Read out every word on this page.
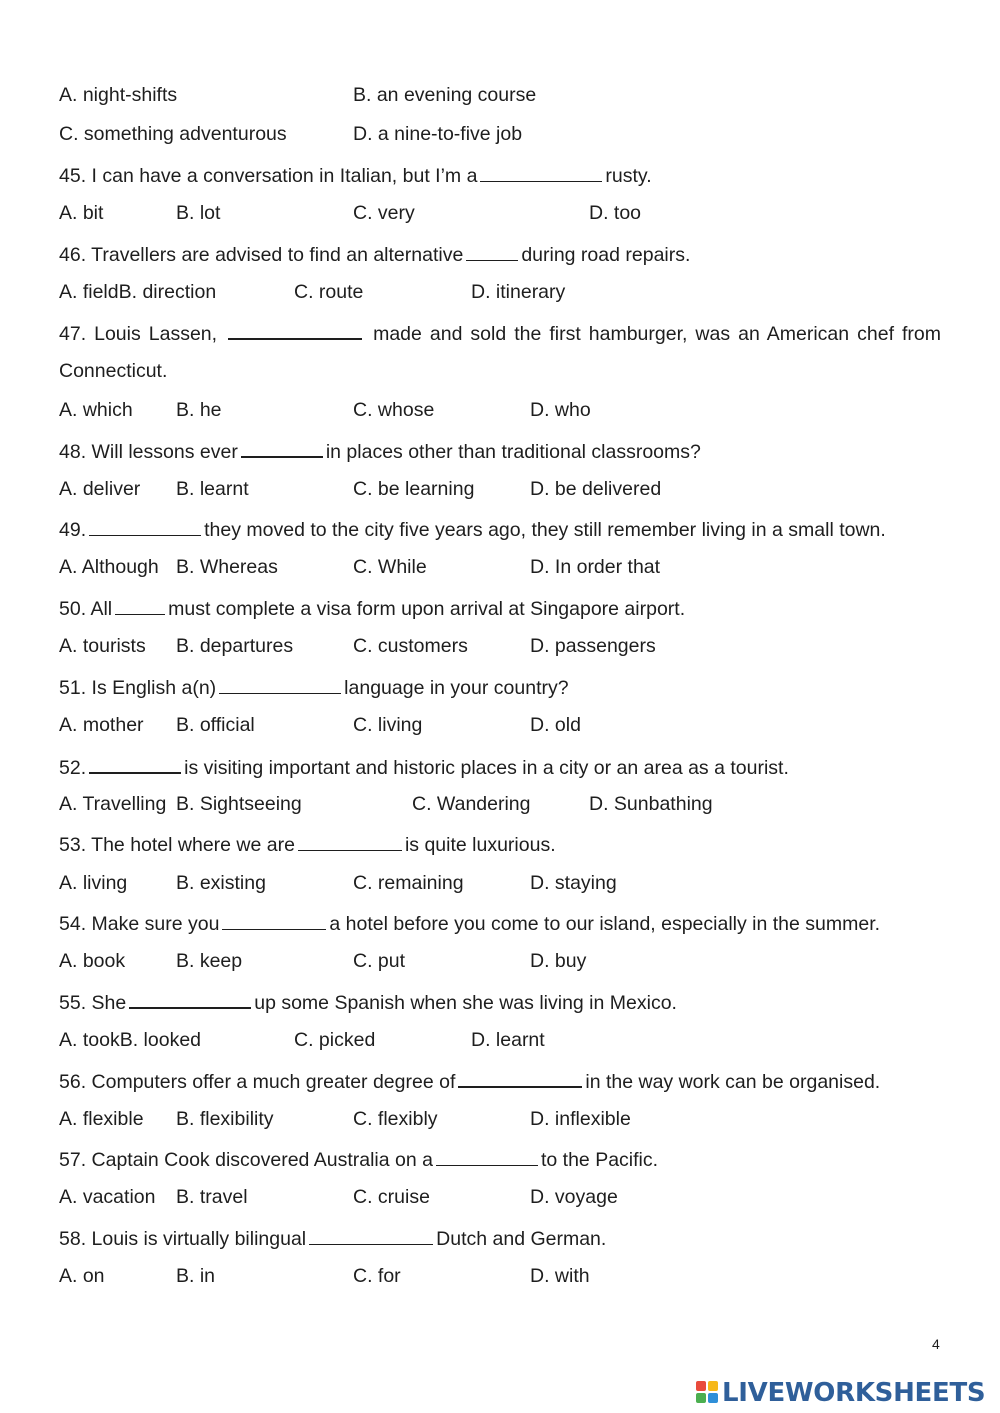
A. night-shifts	B. an evening course
C. something adventurous	D. a nine-to-five job
45. I can have a conversation in Italian, but I’m a	rusty.
A. bit	B. lot	C. very	D. too
46. Travellers are advised to find an alternative	during road repairs.
A. fieldB. direction	C. route	D. itinerary
47. Louis Lassen,	made and sold the first hamburger, was an American chef from
Connecticut.
A. which B. he	C. whose	D. who
48. Will lessons ever	in places other than traditional classrooms?
A. deliver B. learnt	C. be learning	D. be delivered
49.	they moved to the city five years ago, they still remember living in a small town.
A. Although B. Whereas	C. While	D. In order that
50. All	must complete a visa form upon arrival at Singapore airport.
A. tourists B. departures	C. customers	D. passengers
51. Is English a(n)	language in your country?
A. mother B. official	C. living	D. old
52.	is visiting important and historic places in a city or an area as a tourist.
A. Travelling B. Sightseeing	C. Wandering	D. Sunbathing
53. The hotel where we are	is quite luxurious.
A. living B. existing	C. remaining	D. staying
54. Make sure you	a hotel before you come to our island, especially in the summer.
A. book	B. keep	C. put	D. buy
55. She	up some Spanish when she was living in Mexico.
A. tookB. looked	C. picked	D. learnt
56. Computers offer a much greater degree of	in the way work can be organised.
A. flexible B. flexibility	C. flexibly	D. inflexible
57. Captain Cook discovered Australia on a	to the Pacific.
A. vacation B. travel	C. cruise	D. voyage
58. Louis is virtually bilingual	Dutch and German.
A. on	B. in	C. for	D. with
4
LIVEWORKSHEETS
